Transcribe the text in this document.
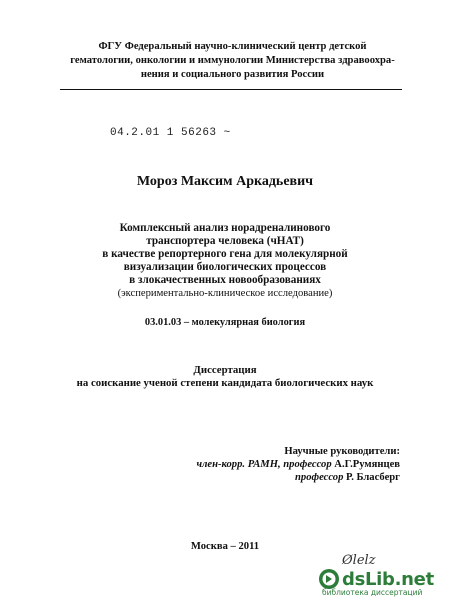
ФГУ Федеральный научно-клинический центр детской
гематологии, онкологии и иммунологии Министерства здравоохра-
нения и социального развития России
04.2.01 1 56263 ~
Мороз Максим Аркадьевич
Комплексный анализ норадреналинового
транспортера человека (чНАТ)
в качестве репортерного гена для молекулярной
визуализации биологических процессов
в злокачественных новообразованиях
(экспериментально-клиническое исследование)
03.01.03 – молекулярная биология
Диссертация
на соискание ученой степени кандидата биологических наук
Научные руководители:
член-корр. РАМН, профессор А.Г.Румянцев
профессор Р. Бласберг
Москва – 2011
Ølelz
dsLib.net
библиотека диссертаций
